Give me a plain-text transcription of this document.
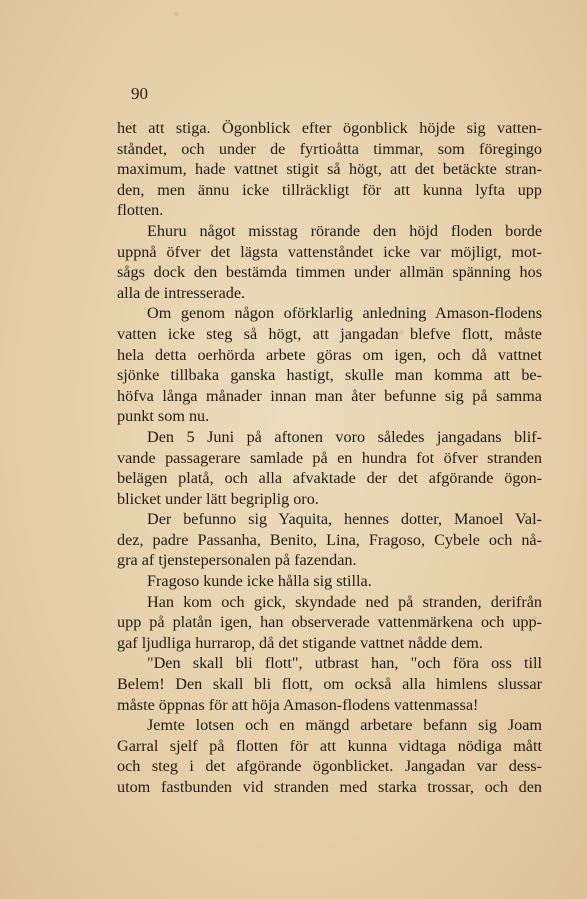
90
het att stiga. Ögonblick efter ögonblick höjde sig vatten-
ståndet, och under de fyrtioåtta timmar, som föregingo
maximum, hade vattnet stigit så högt, att det betäckte stran-
den, men ännu icke tillräckligt för att kunna lyfta upp
flotten.
Ehuru något misstag rörande den höjd floden borde
uppnå öfver det lägsta vattenståndet icke var möjligt, mot-
sågs dock den bestämda timmen under allmän spänning hos
alla de intresserade.
Om genom någon oförklarlig anledning Amason-flodens
vatten icke steg så högt, att jangadan blefve flott, måste
hela detta oerhörda arbete göras om igen, och då vattnet
sjönke tillbaka ganska hastigt, skulle man komma att be-
höfva långa månader innan man åter befunne sig på samma
punkt som nu.
Den 5 Juni på aftonen voro således jangadans blif-
vande passagerare samlade på en hundra fot öfver stranden
belägen platå, och alla afvaktade der det afgörande ögon-
blicket under lätt begriplig oro.
Der befunno sig Yaquita, hennes dotter, Manoel Val-
dez, padre Passanha, Benito, Lina, Fragoso, Cybele och nå-
gra af tjenstepersonalen på fazendan.
Fragoso kunde icke hålla sig stilla.
Han kom och gick, skyndade ned på stranden, derifrån
upp på platån igen, han observerade vattenmärkena och upp-
gaf ljudliga hurrarop, då det stigande vattnet nådde dem.
"Den skall bli flott", utbrast han, "och föra oss till
Belem! Den skall bli flott, om också alla himlens slussar
måste öppnas för att höja Amason-flodens vattenmassa!
Jemte lotsen och en mängd arbetare befann sig Joam
Garral sjelf på flotten för att kunna vidtaga nödiga mått
och steg i det afgörande ögonblicket. Jangadan var dess-
utom fastbunden vid stranden med starka trossar, och den
